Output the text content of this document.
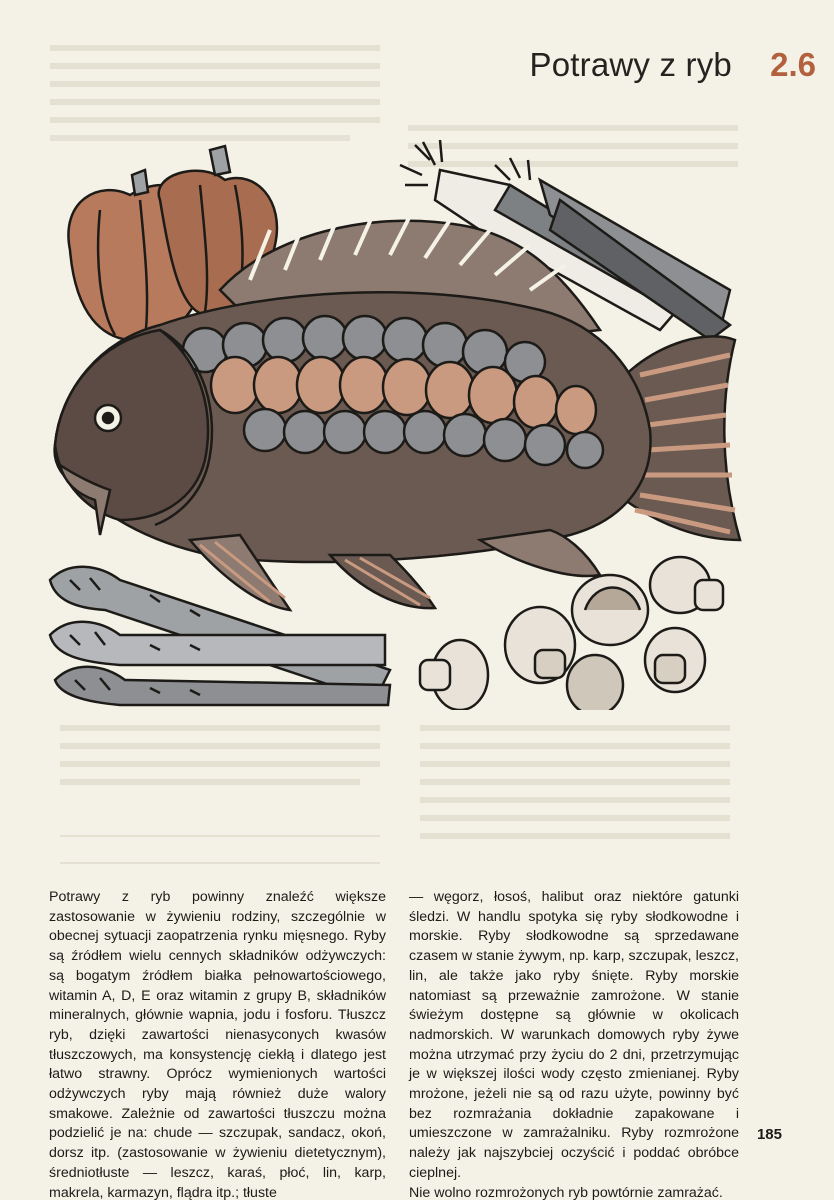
Potrawy z ryb 2.6

Potrawy z ryb powinny znaleźć większe zastosowanie w żywieniu rodziny, szczególnie w obecnej sytuacji zaopatrzenia rynku mięsnego. Ryby są źródłem wielu cennych składników odżywczych: są bogatym źródłem białka pełnowartościowego, witamin A, D, E oraz witamin z grupy B, składników mineralnych, głównie wapnia, jodu i fosforu. Tłuszcz ryb, dzięki zawartości nienasyconych kwasów tłuszczowych, ma konsystencję ciekłą i dlatego jest łatwo strawny. Oprócz wymienionych wartości odżywczych ryby mają również duże walory smakowe. Zależnie od zawartości tłuszczu można podzielić je na: chude — szczupak, sandacz, okoń, dorsz itp. (zastosowanie w żywieniu dietetycznym), średniotłuste — leszcz, karaś, płoć, lin, karp, makrela, karmazyn, flądra itp.; tłuste

— węgorz, łosoś, halibut oraz niektóre gatunki śledzi. W handlu spotyka się ryby słodkowodne i morskie. Ryby słodkowodne są sprzedawane czasem w stanie żywym, np. karp, szczupak, leszcz, lin, ale także jako ryby śnięte. Ryby morskie natomiast są przeważnie zamrożone. W stanie świeżym dostępne są głównie w okolicach nadmorskich. W warunkach domowych ryby żywe można utrzymać przy życiu do 2 dni, przetrzymując je w większej ilości wody często zmienianej. Ryby mrożone, jeżeli nie są od razu użyte, powinny być bez rozmrażania dokładnie zapakowane i umieszczone w zamrażalniku. Ryby rozmrożone należy jak najszybciej oczyścić i poddać obróbce cieplnej.

Nie wolno rozmrożonych ryb powtórnie zamrażać.

185
